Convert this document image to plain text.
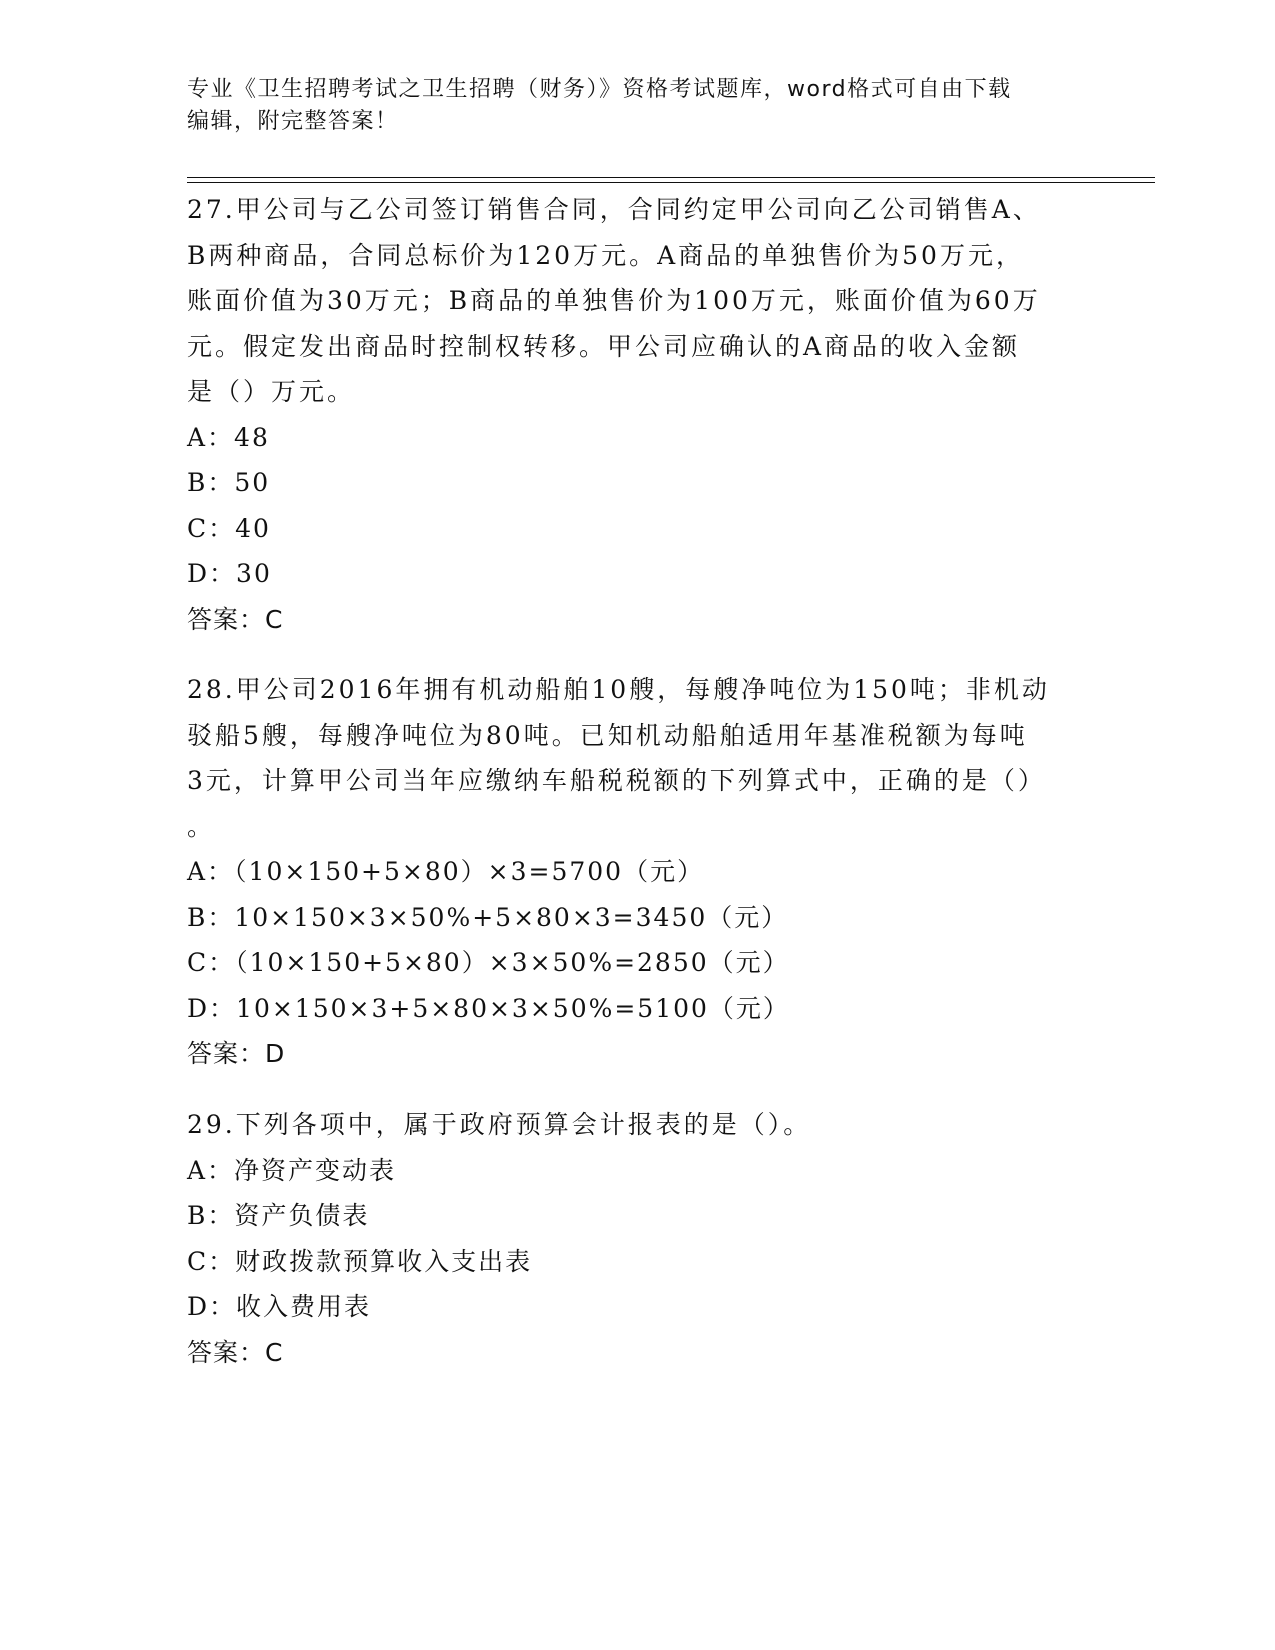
专业《卫生招聘考试之卫生招聘（财务）》资格考试题库，word格式可自由下载
编辑，附完整答案！

27.甲公司与乙公司签订销售合同，合同约定甲公司向乙公司销售A、

B两种商品，合同总标价为120万元。A商品的单独售价为50万元，

账面价值为30万元；B商品的单独售价为100万元，账面价值为60万

元。假定发出商品时控制权转移。甲公司应确认的A商品的收入金额

是（）万元。

A：48

B：50

C：40

D：30

答案：C

28.甲公司2016年拥有机动船舶10艘，每艘净吨位为150吨；非机动

驳船5艘，每艘净吨位为80吨。已知机动船舶适用年基准税额为每吨

3元，计算甲公司当年应缴纳车船税税额的下列算式中，正确的是（）

。

A：（10×150+5×80）×3=5700（元）

B：10×150×3×50%+5×80×3=3450（元）

C：（10×150+5×80）×3×50%=2850（元）

D：10×150×3+5×80×3×50%=5100（元）

答案：D

29.下列各项中，属于政府预算会计报表的是（）。

A：净资产变动表

B：资产负债表

C：财政拨款预算收入支出表

D：收入费用表

答案：C
